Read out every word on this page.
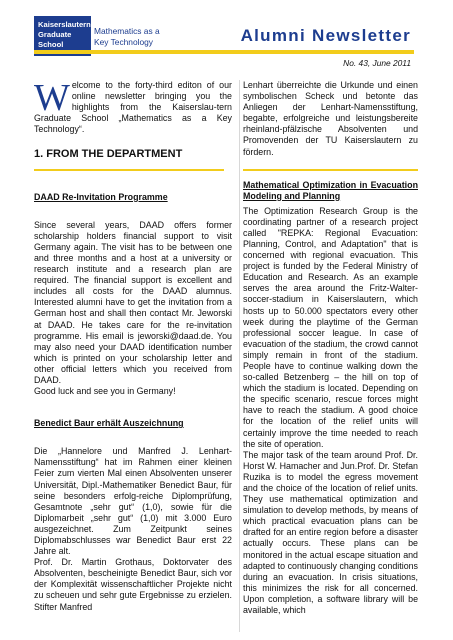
Kaiserslautern
Graduate
School
Mathematics as a
Key Technology	Alumni Newsletter
No. 43, June 2011
W elcome to the forty-third editon of our online newsletter bringing you the highlights from the Kaiserslau-tern Graduate School „Mathematics as a Key Technology“.
1. FROM THE DEPARTMENT
DAAD Re-Invitation Programme

Since several years, DAAD offers former scholarship holders financial support to visit Germany again. The visit has to be between one and three months and a host at a university or research institute and a research plan are required. The financial support is excellent and includes all costs for the DAAD alumnus. Interested alumni have to get the invitation from a German host and shall then contact Mr. Jeworski at DAAD. He takes care for the re-invitation programme. His email is jeworski@daad.de. You may also need your DAAD identification number which is printed on your scholarship letter and other official letters which you received from DAAD.

Good luck and see you in Germany!

Benedict Baur erhält Auszeichnung

Die „Hannelore und Manfred J. Lenhart-Namensstiftung“ hat im Rahmen einer kleinen Feier zum vierten Mal einen Absolventen unserer Universität, Dipl.-Mathematiker Benedict Baur, für seine besonders erfolg-reiche Diplomprüfung, Gesamtnote „sehr gut“ (1,0), sowie für die Diplomarbeit „sehr gut“ (1,0) mit 3.000 Euro ausgezeichnet. Zum Zeitpunkt seines Diplomabschlusses war Benedict Baur erst 22 Jahre alt.

Prof. Dr. Martin Grothaus, Doktorvater des Absolventen, bescheinigte Benedict Baur, sich vor der Komplexität wissenschaftlicher Projekte nicht zu scheuen und sehr gute Ergebnisse zu erzielen. Stifter Manfred

Lenhart überreichte die Urkunde und einen symbolischen Scheck und betonte das Anliegen der Lenhart-Namensstiftung, begabte, erfolgreiche und leistungsbereite rheinland-pfälzische Absolventen und Promovenden der TU Kaiserslautern zu fördern.

Mathematical Optimization in Evacuation Modeling and Planning

The Optimization Research Group is the coordinating partner of a research project called "REPKA: Regional Evacuation: Planning, Control, and Adaptation" that is concerned with regional evacuation. This project is funded by the Federal Ministry of Education and Research. As an example serves the area around the Fritz-Walter-soccer-stadium in Kaiserslautern, which hosts up to 50.000 spectators every other week during the playtime of the German professional soccer league. In case of evacuation of the stadium, the crowd cannot simply remain in front of the stadium. People have to continue walking down the so-called Betzenberg – the hill on top of which the stadium is located. Depending on the specific scenario, rescue forces might have to reach the stadium. A good choice for the location of the relief units will certainly improve the time needed to reach the site of operation.

The major task of the team around Prof. Dr. Horst W. Hamacher and Jun.Prof. Dr. Stefan Ruzika is to model the egress movement and the choice of the location of relief units. They use mathematical optimization and simulation to develop methods, by means of which practical evacuation plans can be drafted for an entire region before a disaster actually occurs. These plans can be monitored in the actual escape situation and adapted to continuously changing conditions during an evacuation. In crisis situations, this minimizes the risk for all concerned. Upon completion, a software library will be available, which
